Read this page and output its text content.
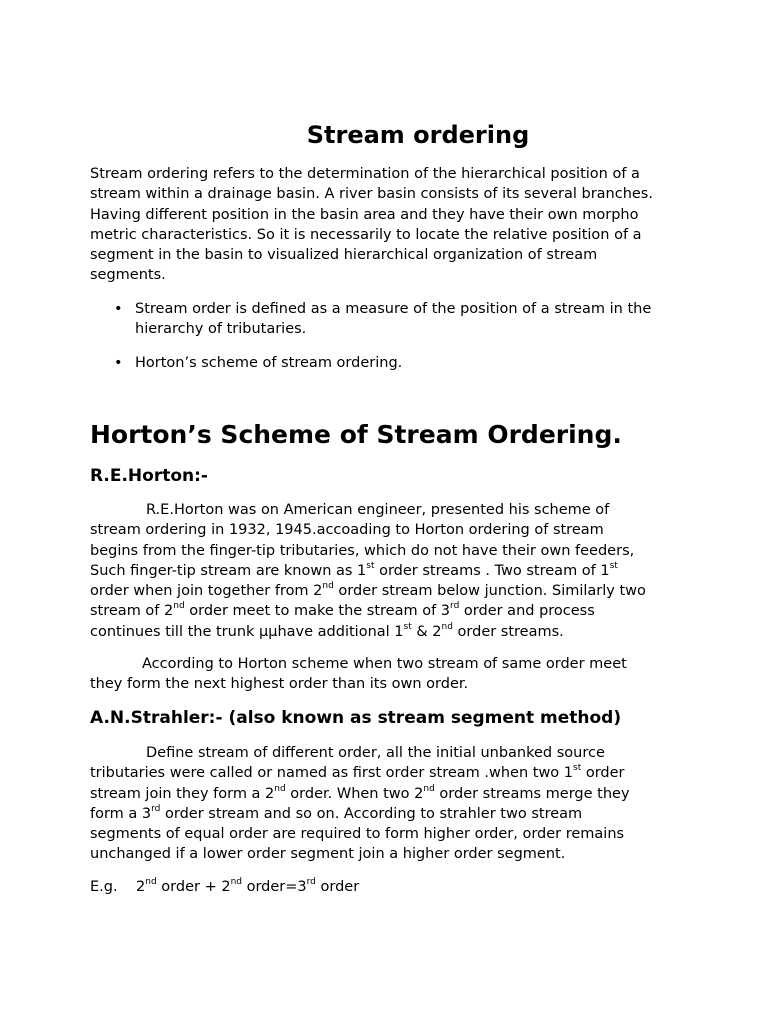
Stream ordering

Stream ordering refers to the determination of the hierarchical position of a
stream within a drainage basin. A river basin consists of its several branches.
Having different position in the basin area and they have their own morpho
metric characteristics. So it is necessarily to locate the relative position of a
segment in the basin to visualized hierarchical organization of stream
segments.

• Stream order is defined as a measure of the position of a stream in the
hierarchy of tributaries.
• Horton’s scheme of stream ordering.
Horton’s Scheme of Stream Ordering.
R.E.Horton:-

R.E.Horton was on American engineer, presented his scheme of
stream ordering in 1932, 1945.accoading to Horton ordering of stream
begins from the finger-tip tributaries, which do not have their own feeders,
Such finger-tip stream are known as 1st order streams . Two stream of 1st
order when join together from 2nd order stream below junction. Similarly two
stream of 2nd order meet to make the stream of 3rd order and process
continues till the trunk µµhave additional 1st & 2nd order streams.

According to Horton scheme when two stream of same order meet
they form the next highest order than its own order.

A.N.Strahler:- (also known as stream segment method)

Define stream of different order, all the initial unbanked source
tributaries were called or named as first order stream .when two 1st order
stream join they form a 2nd order. When two 2nd order streams merge they
form a 3rd order stream and so on. According to strahler two stream
segments of equal order are required to form higher order, order remains
unchanged if a lower order segment join a higher order segment.

E.g. 2nd order + 2nd order=3rd order
